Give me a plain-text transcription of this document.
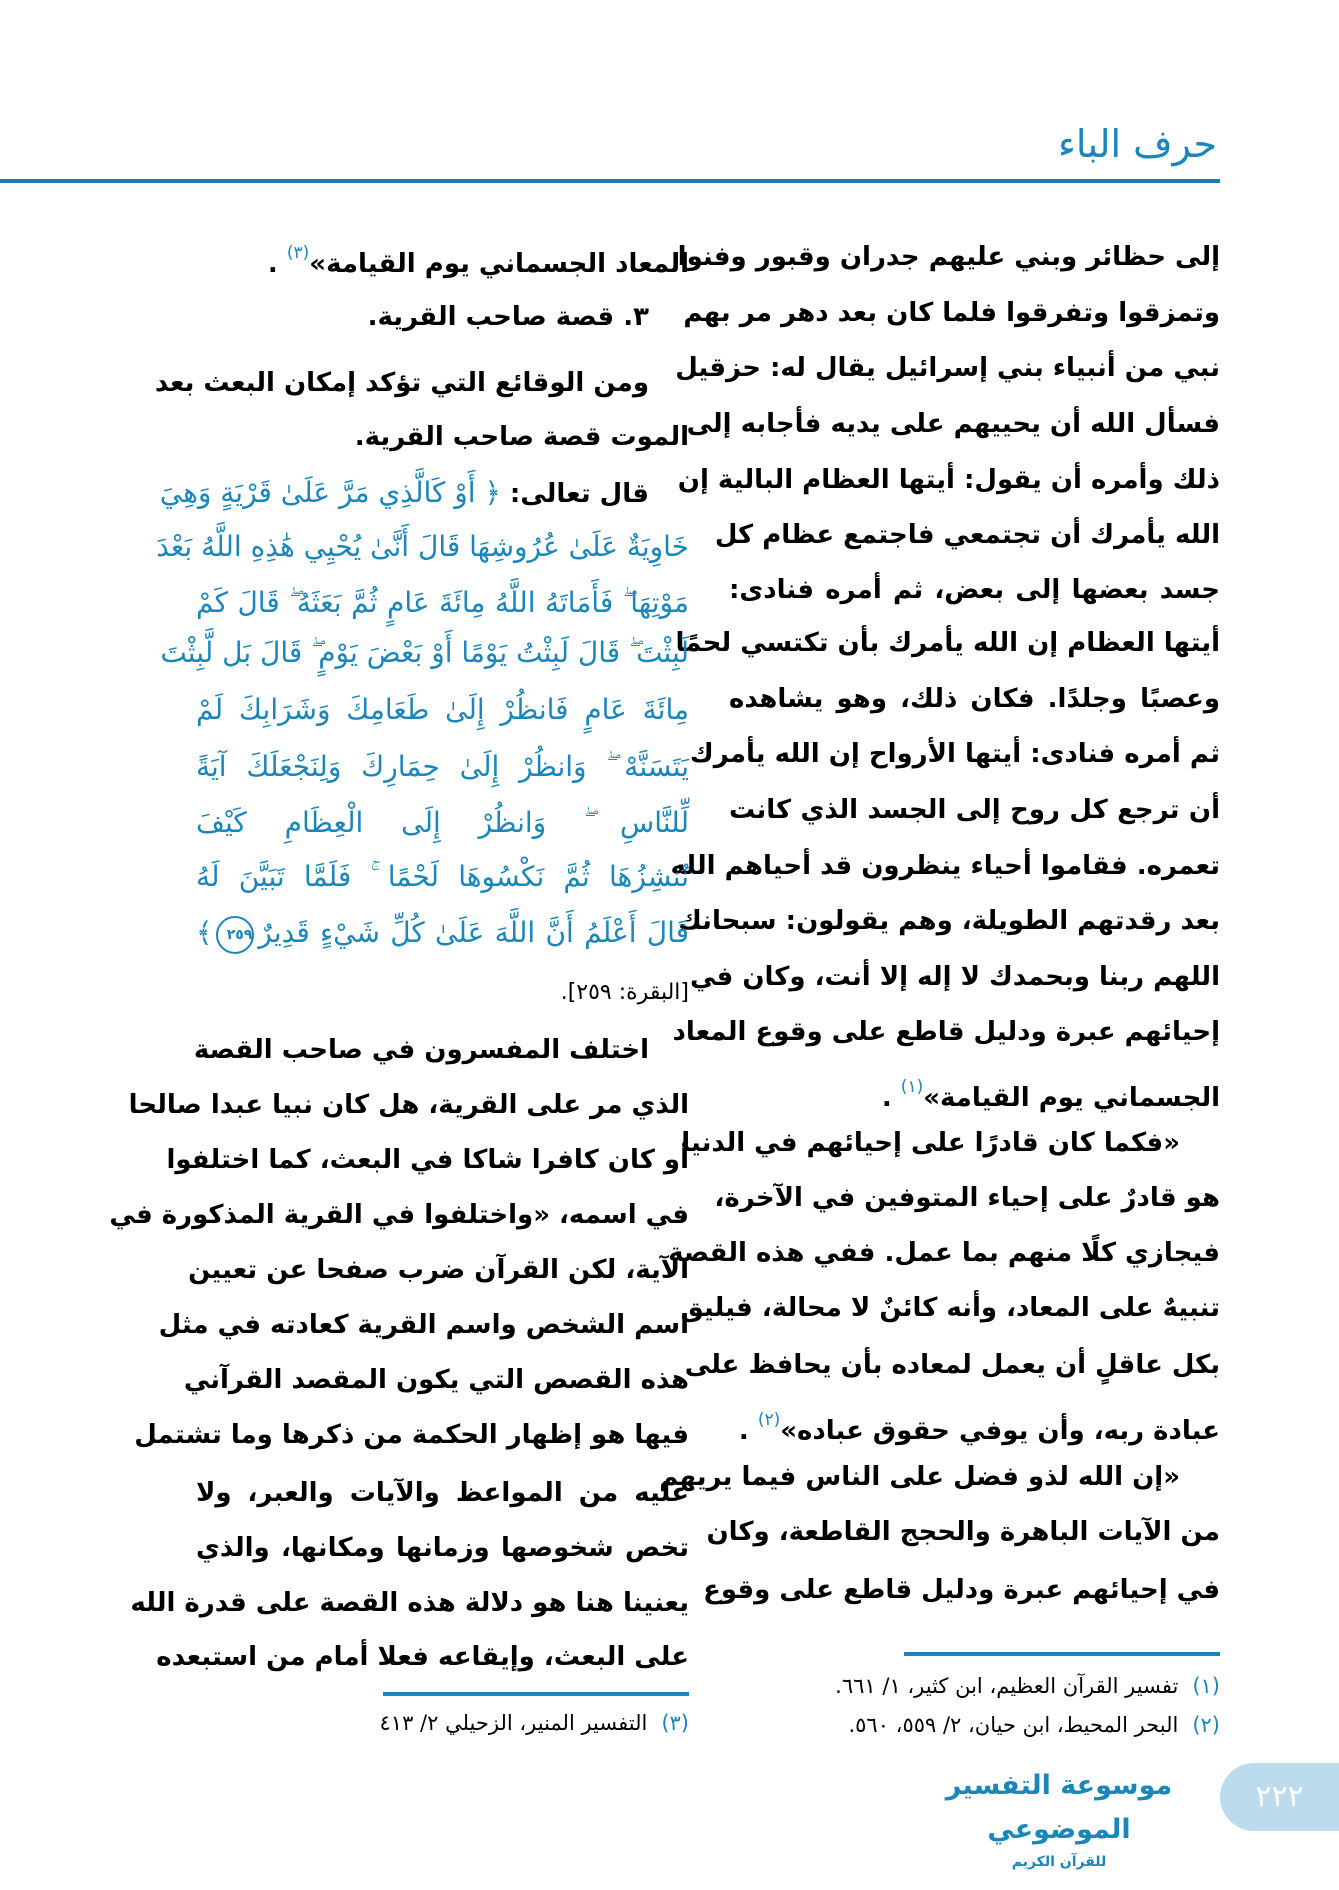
حرف الباء
إلى حظائر وبني عليهم جدران وقبور وفنوا
وتمزقوا وتفرقوا فلما كان بعد دهر مر بهم
نبي من أنبياء بني إسرائيل يقال له: حزقيل
فسأل الله أن يحييهم على يديه فأجابه إلى
ذلك وأمره أن يقول: أيتها العظام البالية إن
الله يأمرك أن تجتمعي فاجتمع عظام كل
جسد بعضها إلى بعض، ثم أمره فنادى:
أيتها العظام إن الله يأمرك بأن تكتسي لحمًا
وعصبًا وجلدًا. فكان ذلك، وهو يشاهده
ثم أمره فنادى: أيتها الأرواح إن الله يأمرك
أن ترجع كل روح إلى الجسد الذي كانت
تعمره. فقاموا أحياء ينظرون قد أحياهم الله
بعد رقدتهم الطويلة، وهم يقولون: سبحانك
اللهم ربنا وبحمدك لا إله إلا أنت، وكان في
إحيائهم عبرة ودليل قاطع على وقوع المعاد
الجسماني يوم القيامة»$^{(١)}$ .
«فكما كان قادرًا على إحيائهم في الدنيا
هو قادرٌ على إحياء المتوفين في الآخرة،
فيجازي كلًا منهم بما عمل. ففي هذه القصة
تنبيهٌ على المعاد، وأنه كائنٌ لا محالة، فيليق
بكل عاقلٍ أن يعمل لمعاده بأن يحافظ على
عبادة ربه، وأن يوفي حقوق عباده»$^{(٢)}$ .
«إن الله لذو فضل على الناس فيما يريهم
من الآيات الباهرة والحجج القاطعة، وكان
في إحيائهم عبرة ودليل قاطع على وقوع
المعاد الجسماني يوم القيامة»$^{(٣)}$ .
٣. قصة صاحب القرية.
ومن الوقائع التي تؤكد إمكان البعث بعد
الموت قصة صاحب القرية.
قال تعالى: ﴿ أَوْ كَالَّذِي مَرَّ عَلَىٰ قَرْيَةٍ وَهِيَ
خَاوِيَةٌ عَلَىٰ عُرُوشِهَا قَالَ أَنَّىٰ يُحْيِي هَٰذِهِ اللَّهُ بَعْدَ
مَوْتِهَا ۖ فَأَمَاتَهُ اللَّهُ مِائَةَ عَامٍ ثُمَّ بَعَثَهُ ۖ قَالَ كَمْ
لَبِثْتَ ۖ قَالَ لَبِثْتُ يَوْمًا أَوْ بَعْضَ يَوْمٍ ۖ قَالَ بَل لَّبِثْتَ
مِائَةَ عَامٍ فَانظُرْ إِلَىٰ طَعَامِكَ وَشَرَابِكَ لَمْ
يَتَسَنَّهْ ۖ وَانظُرْ إِلَىٰ حِمَارِكَ وَلِنَجْعَلَكَ آيَةً
لِّلنَّاسِ ۖ وَانظُرْ إِلَى الْعِظَامِ كَيْفَ
نُنشِزُهَا ثُمَّ نَكْسُوهَا لَحْمًا ۚ فَلَمَّا تَبَيَّنَ لَهُ
قَالَ أَعْلَمُ أَنَّ اللَّهَ عَلَىٰ كُلِّ شَيْءٍ قَدِيرٌ٢٥٩﴾
[البقرة: ٢٥٩].
اختلف المفسرون في صاحب القصة
الذي مر على القرية، هل كان نبيا عبدا صالحا
أو كان كافرا شاكا في البعث، كما اختلفوا
في اسمه، «واختلفوا في القرية المذكورة في
الآية، لكن القرآن ضرب صفحا عن تعيين
اسم الشخص واسم القرية كعادته في مثل
هذه القصص التي يكون المقصد القرآني
فيها هو إظهار الحكمة من ذكرها وما تشتمل
عليه من المواعظ والآيات والعبر، ولا
تخص شخوصها وزمانها ومكانها، والذي
يعنينا هنا هو دلالة هذه القصة على قدرة الله
على البعث، وإيقاعه فعلا أمام من استبعده
(١)تفسير القرآن العظيم، ابن كثير، ١/ ٦٦١.
(٢)البحر المحيط، ابن حيان، ٢/ ٥٥٩، ٥٦٠.
(٣)التفسير المنير، الزحيلي ٢/ ٤١٣
موسوعة التفسير الموضوعي
للقرآن الكريم
٢٢٢
